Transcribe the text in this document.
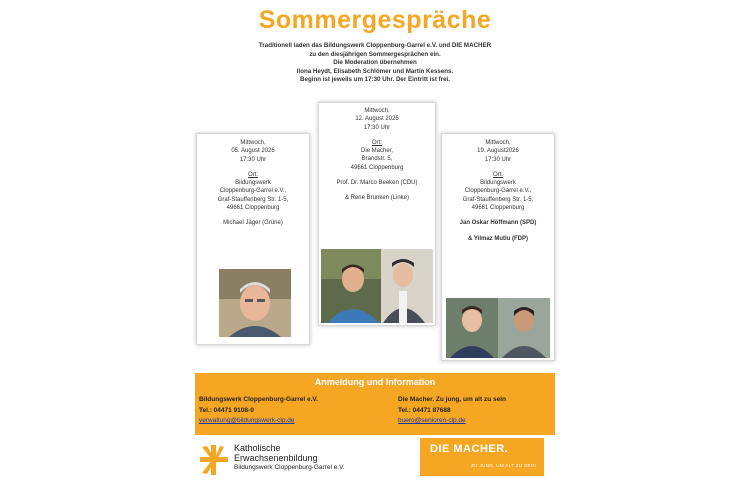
Sommergespräche
Traditionell laden das Bildungswerk Cloppenburg-Garrel e.V. und DIE MACHER
zu den diesjährigen Sommergesprächen ein.
Die Moderation übernehmen
Ilona Heydt, Elisabeth Schlömer und Martin Kessens.
Beginn ist jeweils um 17:30 Uhr. Der Eintritt ist frei.
Mittwoch,
05. August 2026
17:30 Uhr
Ort:
Bildungswerk
Cloppenburg-Garrel e.V.,
Graf-Stauffenberg Str. 1-5,
49661 Cloppenburg
Michael Jäger (Grüne)
Mittwoch,
12. August 2026
17:30 Uhr
Ort:
Die Macher,
Brandstr. 5,
49661 Cloppenburg
Prof. Dr. Marco Beeken (CDU)
& Rene Brunken (Linke)
Mittwoch,
19. August2026
17:30 Uhr
Ort:
Bildungswerk
Cloppenburg-Garrel e.V.,
Graf-Stauffenberg Str. 1-5,
49661 Cloppenburg
Jan Oskar Höffmann (SPD)
& Yilmaz Mutlu (FDP)
Anmeldung und Information
Bildungswerk Cloppenburg-Garrel e.V.
Tel.: 04471 9108-0
verwaltung@bildungswerk-clp.de
Die Macher. Zu jung, um alt zu sein
Tel.: 04471 87688
buero@senioren-clp.de
Katholische
Erwachsenenbildung
Bildungswerk Cloppenburg-Garrel e.V.
DIE MACHER.
ZU JUNG, UM ALT ZU SEIN
